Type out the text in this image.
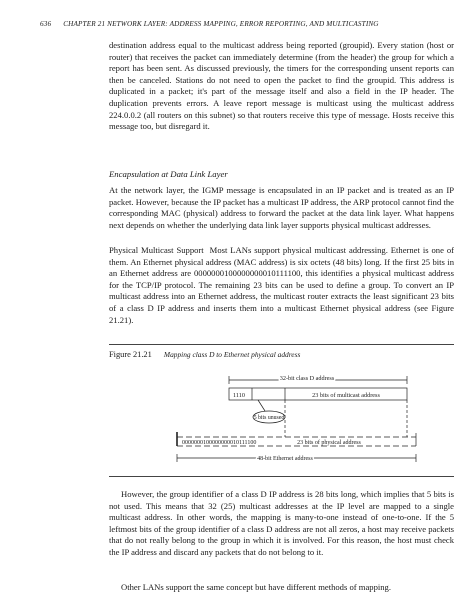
636 CHAPTER 21 NETWORK LAYER: ADDRESS MAPPING, ERROR REPORTING, AND MULTICASTING
destination address equal to the multicast address being reported (groupid). Every station (host or router) that receives the packet can immediately determine (from the header) the group for which a report has been sent. As discussed previously, the timers for the corresponding unsent reports can then be canceled. Stations do not need to open the packet to find the groupid. This address is duplicated in a packet; it's part of the message itself and also a field in the IP header. The duplication prevents errors. A leave report message is multicast using the multicast address 224.0.0.2 (all routers on this subnet) so that routers receive this type of message. Hosts receive this message too, but disregard it.
Encapsulation at Data Link Layer
At the network layer, the IGMP message is encapsulated in an IP packet and is treated as an IP packet. However, because the IP packet has a multicast IP address, the ARP protocol cannot find the corresponding MAC (physical) address to forward the packet at the data link layer. What happens next depends on whether the underlying data link layer supports physical multicast addresses.
Physical Multicast Support Most LANs support physical multicast addressing. Ethernet is one of them. An Ethernet physical address (MAC address) is six octets (48 bits) long. If the first 25 bits in an Ethernet address are 0000000100000000010111100, this identifies a physical multicast address for the TCP/IP protocol. The remaining 23 bits can be used to define a group. To convert an IP multicast address into an Ethernet address, the multicast router extracts the least significant 23 bits of a class D IP address and inserts them into a multicast Ethernet physical address (see Figure 21.21).
Figure 21.21 Mapping class D to Ethernet physical address
32-bit class D address
1110	23 bits of multicast address
5 bits unused
0000000100000000010111100	23 bits of physical address
48-bit Ethernet address
However, the group identifier of a class D IP address is 28 bits long, which implies that 5 bits is not used. This means that 32 (25) multicast addresses at the IP level are mapped to a single multicast address. In other words, the mapping is many-to-one instead of one-to-one. If the 5 leftmost bits of the group identifier of a class D address are not all zeros, a host may receive packets that do not really belong to the group in which it is involved. For this reason, the host must check the IP address and discard any packets that do not belong to it.
Other LANs support the same concept but have different methods of mapping.
